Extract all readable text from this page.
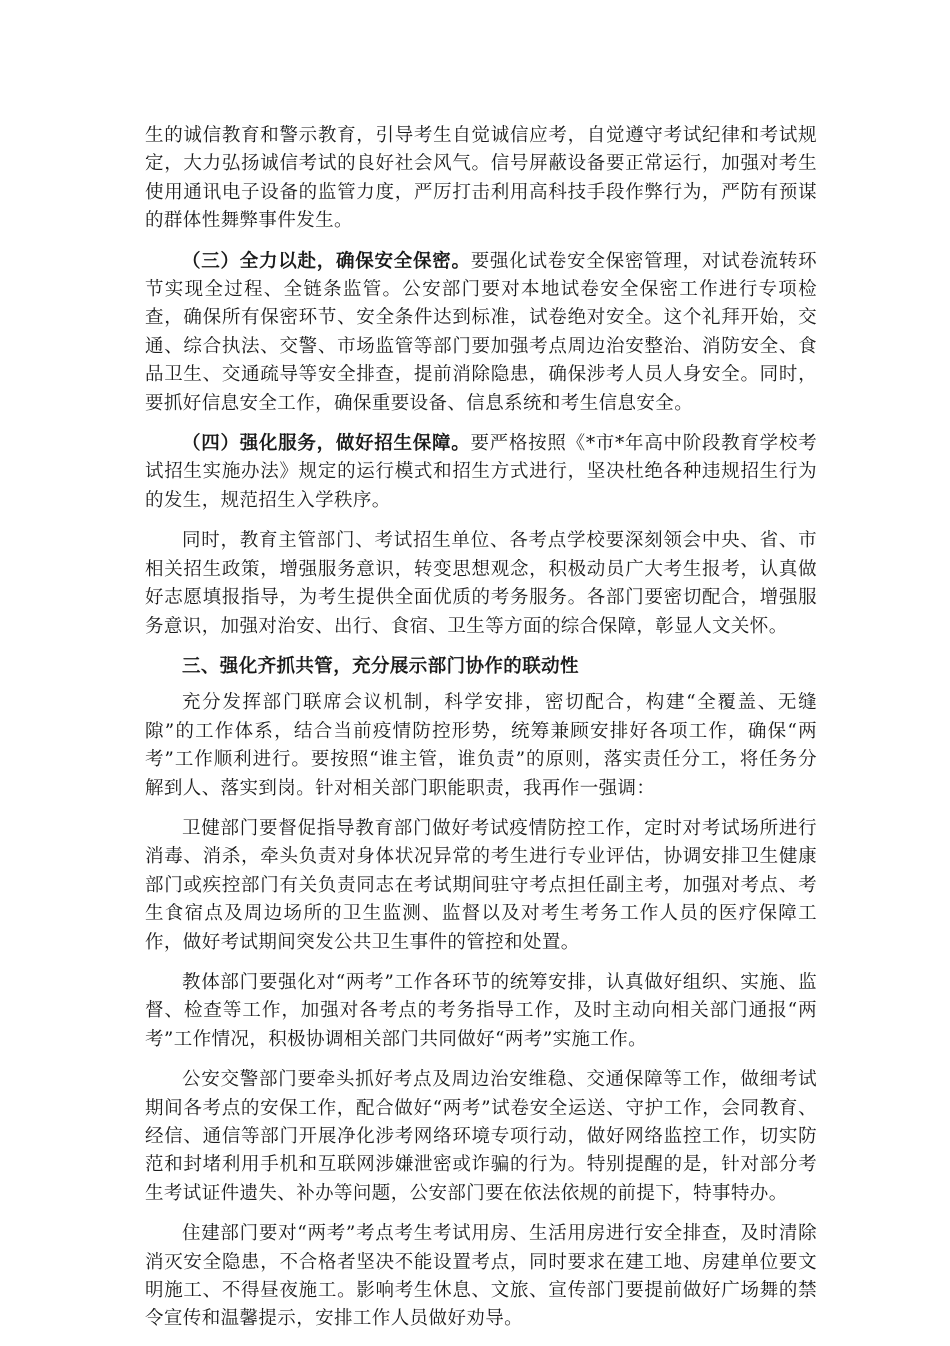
生的诚信教育和警示教育，引导考生自觉诚信应考，自觉遵守考试纪律和考试规定，大力弘扬诚信考试的良好社会风气。信号屏蔽设备要正常运行，加强对考生使用通讯电子设备的监管力度，严厉打击利用高科技手段作弊行为，严防有预谋的群体性舞弊事件发生。

（三）全力以赴，确保安全保密。要强化试卷安全保密管理，对试卷流转环节实现全过程、全链条监管。公安部门要对本地试卷安全保密工作进行专项检查，确保所有保密环节、安全条件达到标准，试卷绝对安全。这个礼拜开始，交通、综合执法、交警、市场监管等部门要加强考点周边治安整治、消防安全、食品卫生、交通疏导等安全排查，提前消除隐患，确保涉考人员人身安全。同时，要抓好信息安全工作，确保重要设备、信息系统和考生信息安全。

（四）强化服务，做好招生保障。要严格按照《*市*年高中阶段教育学校考试招生实施办法》规定的运行模式和招生方式进行，坚决杜绝各种违规招生行为的发生，规范招生入学秩序。

同时，教育主管部门、考试招生单位、各考点学校要深刻领会中央、省、市相关招生政策，增强服务意识，转变思想观念，积极动员广大考生报考，认真做好志愿填报指导，为考生提供全面优质的考务服务。各部门要密切配合，增强服务意识，加强对治安、出行、食宿、卫生等方面的综合保障，彰显人文关怀。

三、强化齐抓共管，充分展示部门协作的联动性

充分发挥部门联席会议机制，科学安排，密切配合，构建“全覆盖、无缝隙”的工作体系，结合当前疫情防控形势，统筹兼顾安排好各项工作，确保“两考”工作顺利进行。要按照“谁主管，谁负责”的原则，落实责任分工，将任务分解到人、落实到岗。针对相关部门职能职责，我再作一强调：

卫健部门要督促指导教育部门做好考试疫情防控工作，定时对考试场所进行消毒、消杀，牵头负责对身体状况异常的考生进行专业评估，协调安排卫生健康部门或疾控部门有关负责同志在考试期间驻守考点担任副主考，加强对考点、考生食宿点及周边场所的卫生监测、监督以及对考生考务工作人员的医疗保障工作，做好考试期间突发公共卫生事件的管控和处置。

教体部门要强化对“两考”工作各环节的统筹安排，认真做好组织、实施、监督、检查等工作，加强对各考点的考务指导工作，及时主动向相关部门通报“两考”工作情况，积极协调相关部门共同做好“两考”实施工作。

公安交警部门要牵头抓好考点及周边治安维稳、交通保障等工作，做细考试期间各考点的安保工作，配合做好“两考”试卷安全运送、守护工作，会同教育、经信、通信等部门开展净化涉考网络环境专项行动，做好网络监控工作，切实防范和封堵利用手机和互联网涉嫌泄密或诈骗的行为。特别提醒的是，针对部分考生考试证件遗失、补办等问题，公安部门要在依法依规的前提下，特事特办。

住建部门要对“两考”考点考生考试用房、生活用房进行安全排查，及时清除消灭安全隐患，不合格者坚决不能设置考点，同时要求在建工地、房建单位要文明施工、不得昼夜施工。影响考生休息、文旅、宣传部门要提前做好广场舞的禁令宣传和温馨提示，安排工作人员做好劝导。
